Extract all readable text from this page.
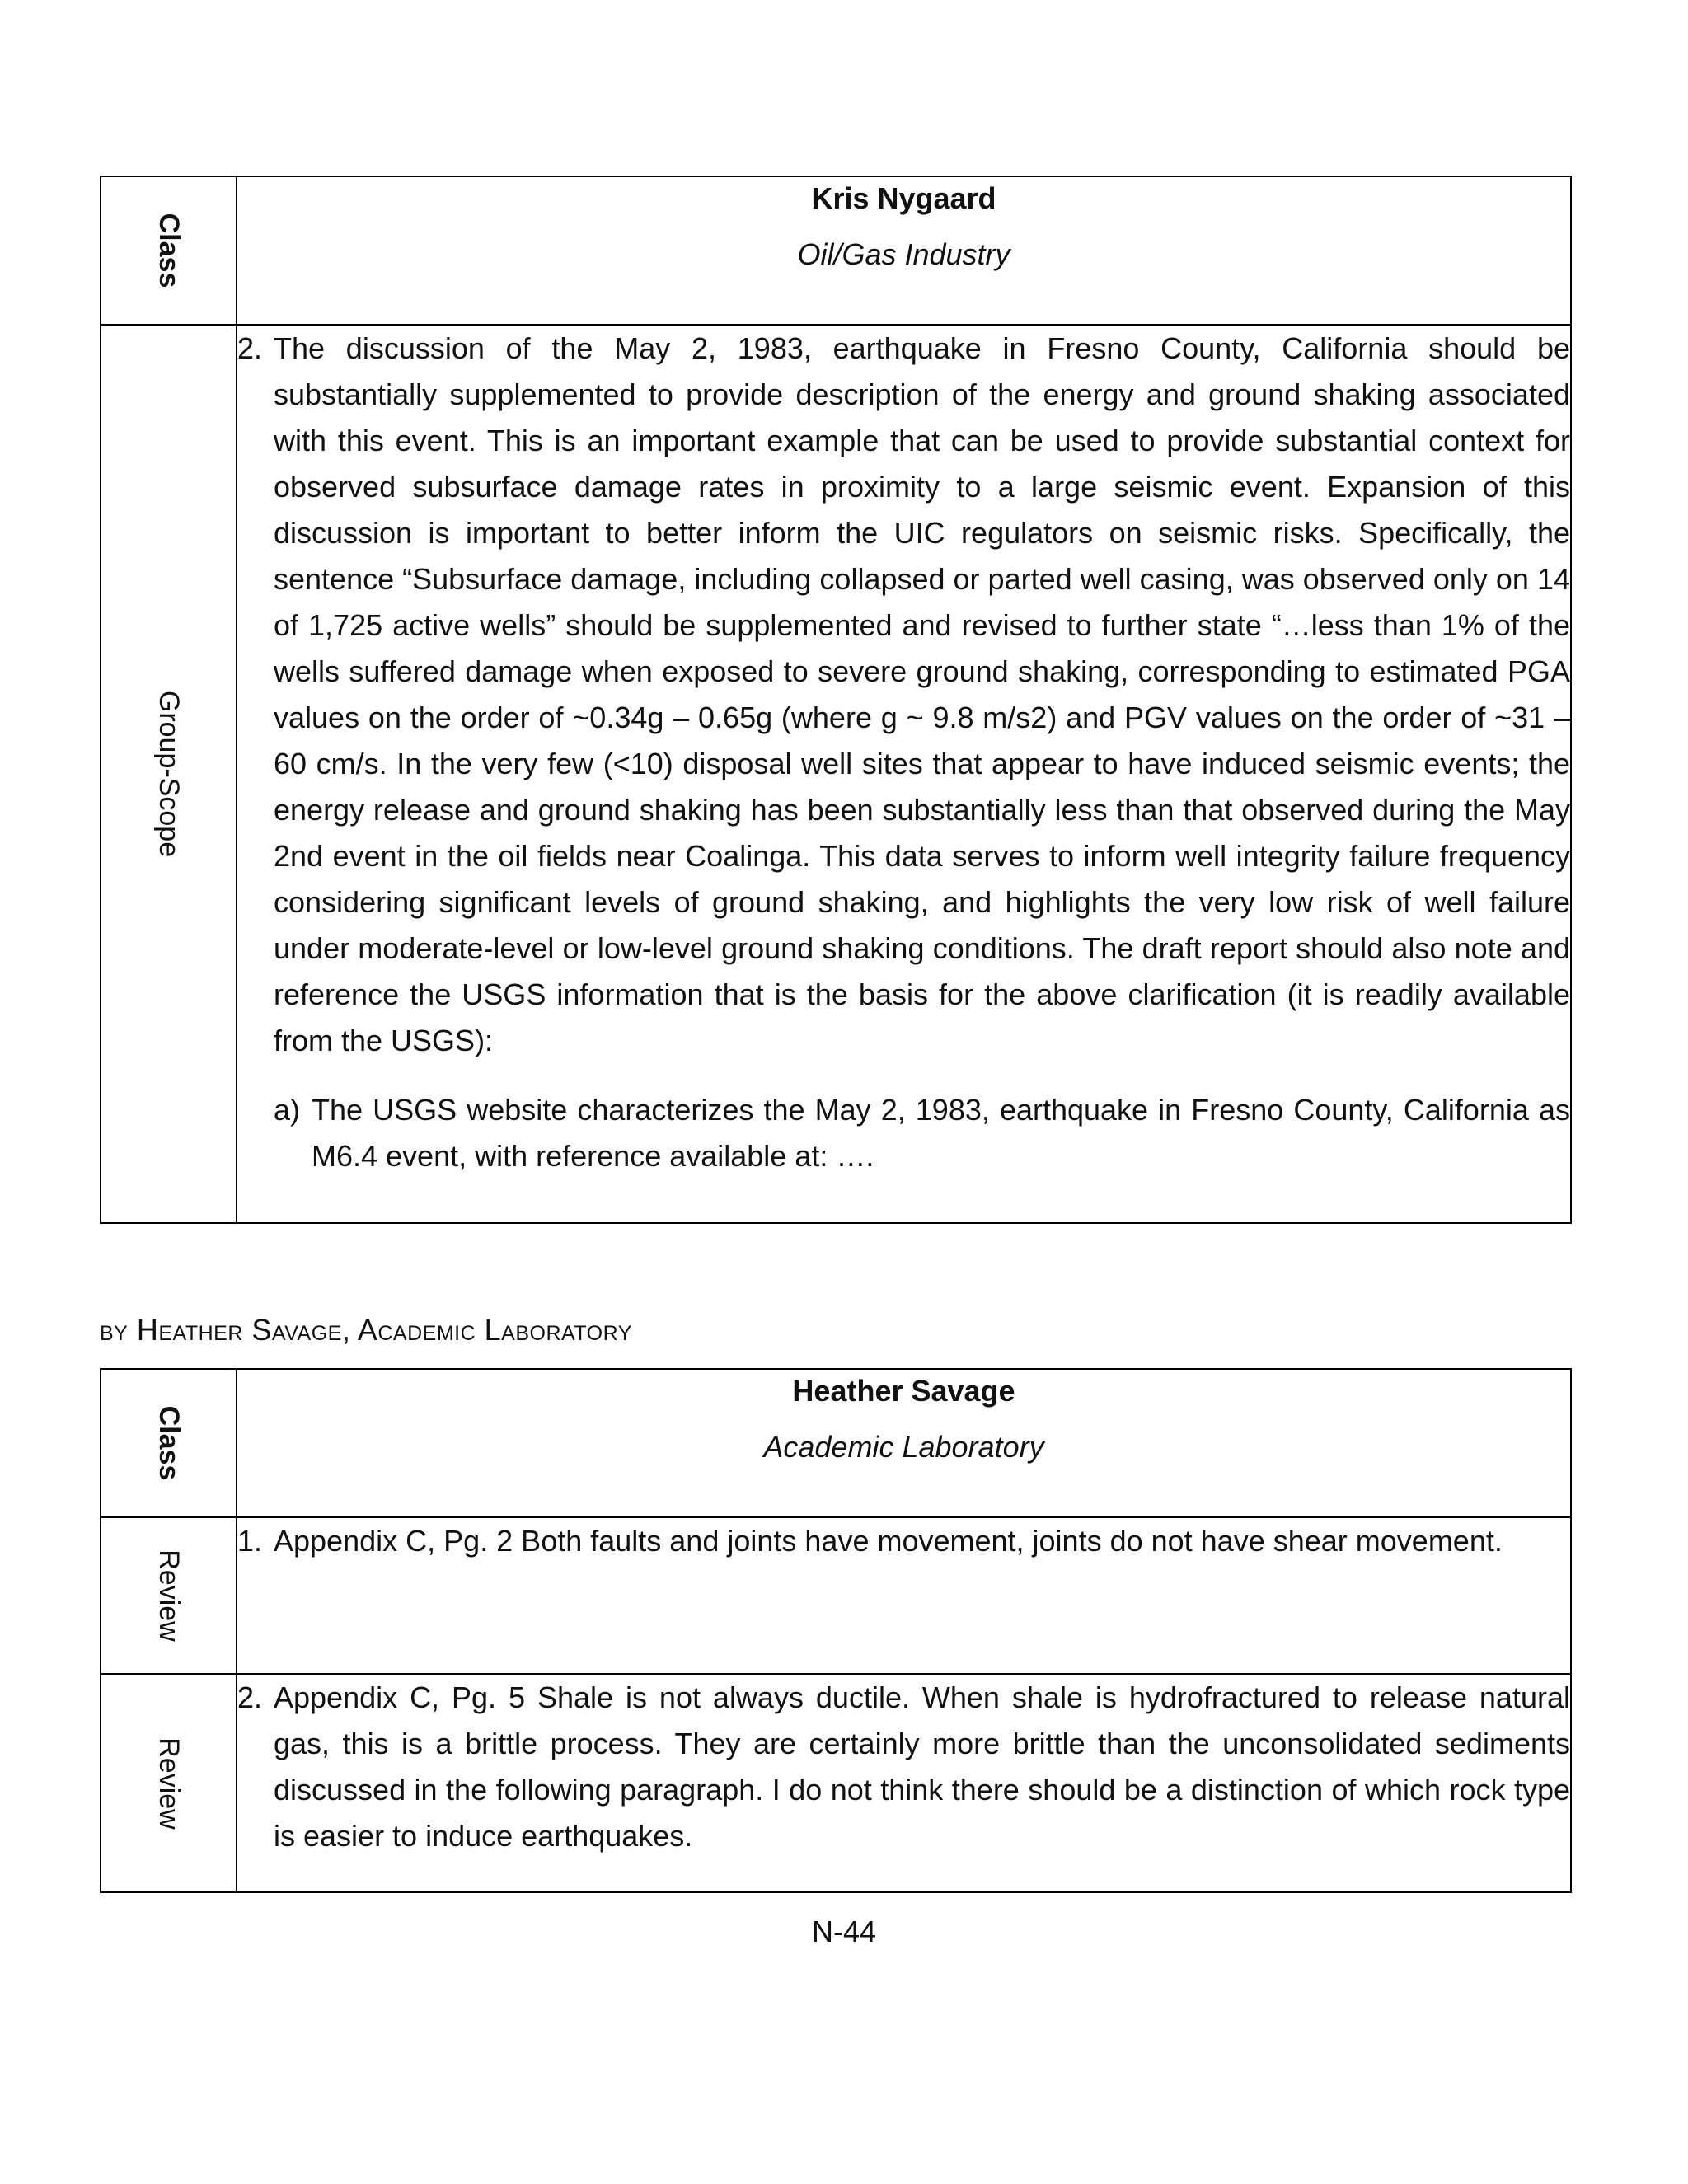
Class	Kris Nygaard
Oil/Gas Industry

Group-Scope	2. The discussion of the May 2, 1983, earthquake in Fresno County, California should be substantially supplemented to provide description of the energy and ground shaking associated with this event. This is an important example that can be used to provide substantial context for observed subsurface damage rates in proximity to a large seismic event. Expansion of this discussion is important to better inform the UIC regulators on seismic risks. Specifically, the sentence “Subsurface damage, including collapsed or parted well casing, was observed only on 14 of 1,725 active wells” should be supplemented and revised to further state “…less than 1% of the wells suffered damage when exposed to severe ground shaking, corresponding to estimated PGA values on the order of ~0.34g – 0.65g (where g ~ 9.8 m/s2) and PGV values on the order of ~31 – 60 cm/s. In the very few (<10) disposal well sites that appear to have induced seismic events; the energy release and ground shaking has been substantially less than that observed during the May 2nd event in the oil fields near Coalinga. This data serves to inform well integrity failure frequency considering significant levels of ground shaking, and highlights the very low risk of well failure under moderate-level or low-level ground shaking conditions. The draft report should also note and reference the USGS information that is the basis for the above clarification (it is readily available from the USGS):
a) The USGS website characterizes the May 2, 1983, earthquake in Fresno County, California as M6.4 event, with reference available at: ….
by Heather Savage, Academic Laboratory
Class	Heather Savage
Academic Laboratory

Review	1. Appendix C, Pg. 2 Both faults and joints have movement, joints do not have shear movement.

Review	2. Appendix C, Pg. 5 Shale is not always ductile. When shale is hydrofractured to release natural gas, this is a brittle process. They are certainly more brittle than the unconsolidated sediments discussed in the following paragraph. I do not think there should be a distinction of which rock type is easier to induce earthquakes.
N-44
